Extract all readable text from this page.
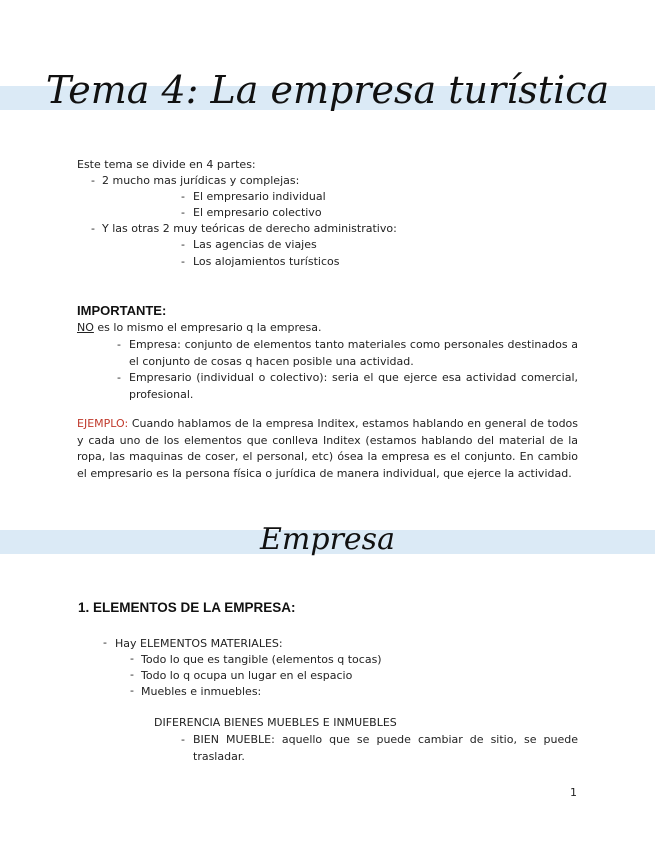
Tema 4: La empresa turística
Este tema se divide en 4 partes:
- 2 mucho mas jurídicas y complejas:
- El empresario individual
- El empresario colectivo
- Y las otras 2 muy teóricas de derecho administrativo:
- Las agencias de viajes
- Los alojamientos turísticos
IMPORTANTE:
NO es lo mismo el empresario q la empresa.
- Empresa: conjunto de elementos tanto materiales como personales destinados a el conjunto de cosas q hacen posible una actividad.
- Empresario (individual o colectivo): seria el que ejerce esa actividad comercial, profesional.
EJEMPLO: Cuando hablamos de la empresa Inditex, estamos hablando en general de todos y cada uno de los elementos que conlleva Inditex (estamos hablando del material de la ropa, las maquinas de coser, el personal, etc) ósea la empresa es el conjunto. En cambio el empresario es la persona física o jurídica de manera individual, que ejerce la actividad.
Empresa
1. ELEMENTOS DE LA EMPRESA:
- Hay ELEMENTOS MATERIALES:
- Todo lo que es tangible (elementos q tocas)
- Todo lo q ocupa un lugar en el espacio
- Muebles e inmuebles:
DIFERENCIA BIENES MUEBLES E INMUEBLES
- BIEN MUEBLE: aquello que se puede cambiar de sitio, se puede trasladar.
1
